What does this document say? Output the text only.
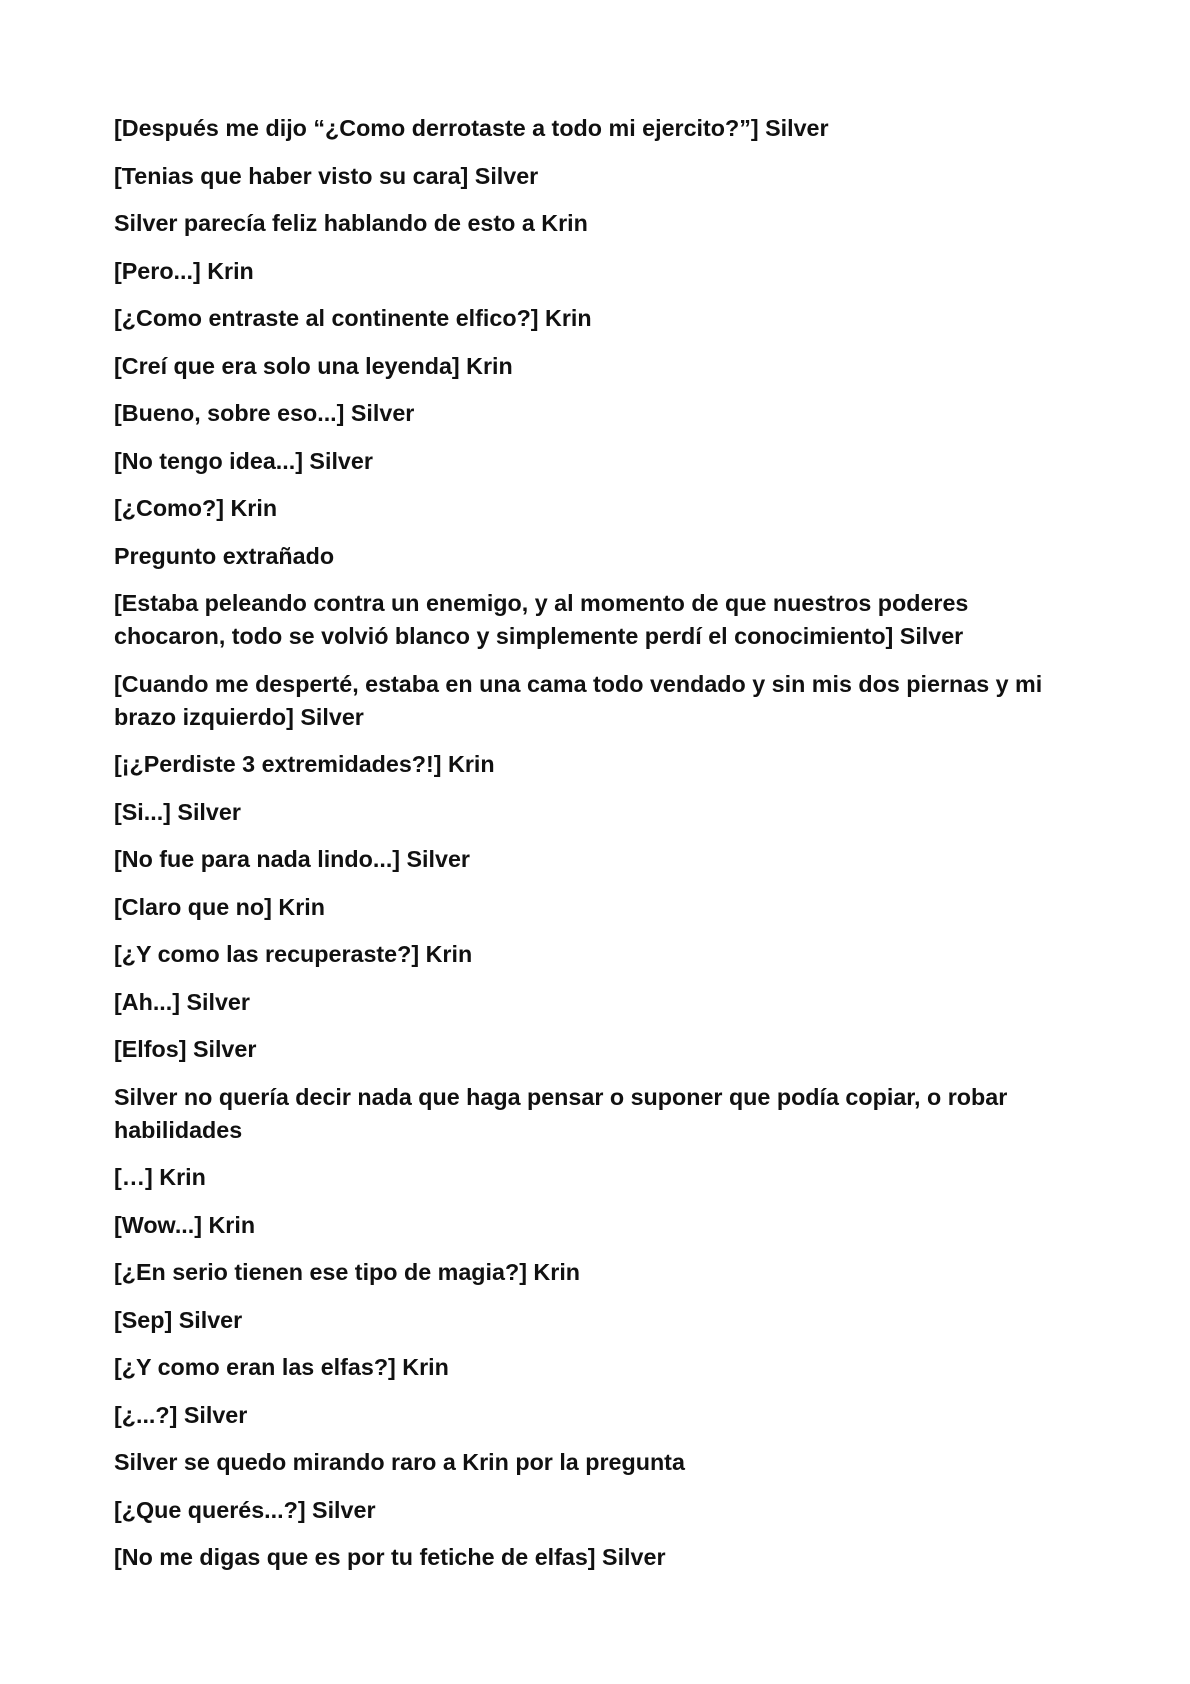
[Después me dijo “¿Como derrotaste a todo mi ejercito?”] Silver

[Tenias que haber visto su cara] Silver

Silver parecía feliz hablando de esto a Krin

[Pero...] Krin

[¿Como entraste al continente elfico?] Krin

[Creí que era solo una leyenda] Krin

[Bueno, sobre eso...] Silver

[No tengo idea...] Silver

[¿Como?] Krin

Pregunto extrañado

[Estaba peleando contra un enemigo, y al momento de que nuestros poderes chocaron, todo se volvió blanco y simplemente perdí el conocimiento] Silver

[Cuando me desperté, estaba en una cama todo vendado y sin mis dos piernas y mi brazo izquierdo] Silver

[¡¿Perdiste 3 extremidades?!] Krin

[Si...] Silver

[No fue para nada lindo...] Silver

[Claro que no] Krin

[¿Y como las recuperaste?] Krin

[Ah...] Silver

[Elfos] Silver

Silver no quería decir nada que haga pensar o suponer que podía copiar, o robar habilidades

[…] Krin

[Wow...] Krin

[¿En serio tienen ese tipo de magia?] Krin

[Sep] Silver

[¿Y como eran las elfas?] Krin

[¿...?] Silver

Silver se quedo mirando raro a Krin por la pregunta

[¿Que querés...?] Silver

[No me digas que es por tu fetiche de elfas] Silver
